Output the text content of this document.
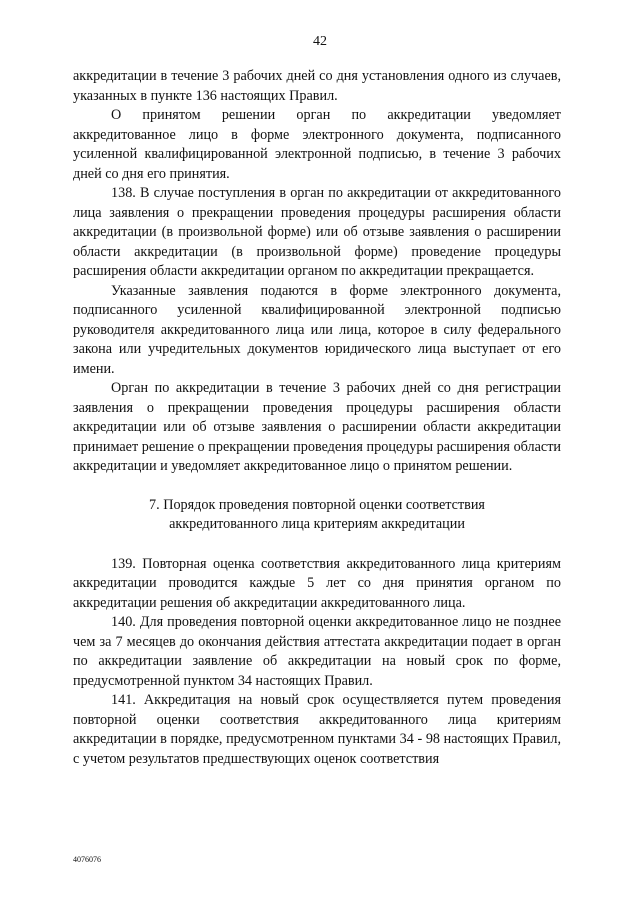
42

аккредитации в течение 3 рабочих дней со дня установления одного из случаев, указанных в пункте 136 настоящих Правил.

О принятом решении орган по аккредитации уведомляет аккредитованное лицо в форме электронного документа, подписанного усиленной квалифицированной электронной подписью, в течение 3 рабочих дней со дня его принятия.

138. В случае поступления в орган по аккредитации от аккредитованного лица заявления о прекращении проведения процедуры расширения области аккредитации (в произвольной форме) или об отзыве заявления о расширении области аккредитации (в произвольной форме) проведение процедуры расширения области аккредитации органом по аккредитации прекращается.

Указанные заявления подаются в форме электронного документа, подписанного усиленной квалифицированной электронной подписью руководителя аккредитованного лица или лица, которое в силу федерального закона или учредительных документов юридического лица выступает от его имени.

Орган по аккредитации в течение 3 рабочих дней со дня регистрации заявления о прекращении проведения процедуры расширения области аккредитации или об отзыве заявления о расширении области аккредитации принимает решение о прекращении проведения процедуры расширения области аккредитации и уведомляет аккредитованное лицо о принятом решении.

7. Порядок проведения повторной оценки соответствия
аккредитованного лица критериям аккредитации

139. Повторная оценка соответствия аккредитованного лица критериям аккредитации проводится каждые 5 лет со дня принятия органом по аккредитации решения об аккредитации аккредитованного лица.

140. Для проведения повторной оценки аккредитованное лицо не позднее чем за 7 месяцев до окончания действия аттестата аккредитации подает в орган по аккредитации заявление об аккредитации на новый срок по форме, предусмотренной пунктом 34 настоящих Правил.

141. Аккредитация на новый срок осуществляется путем проведения повторной оценки соответствия аккредитованного лица критериям аккредитации в порядке, предусмотренном пунктами 34 - 98 настоящих Правил, с учетом результатов предшествующих оценок соответствия

4076076
